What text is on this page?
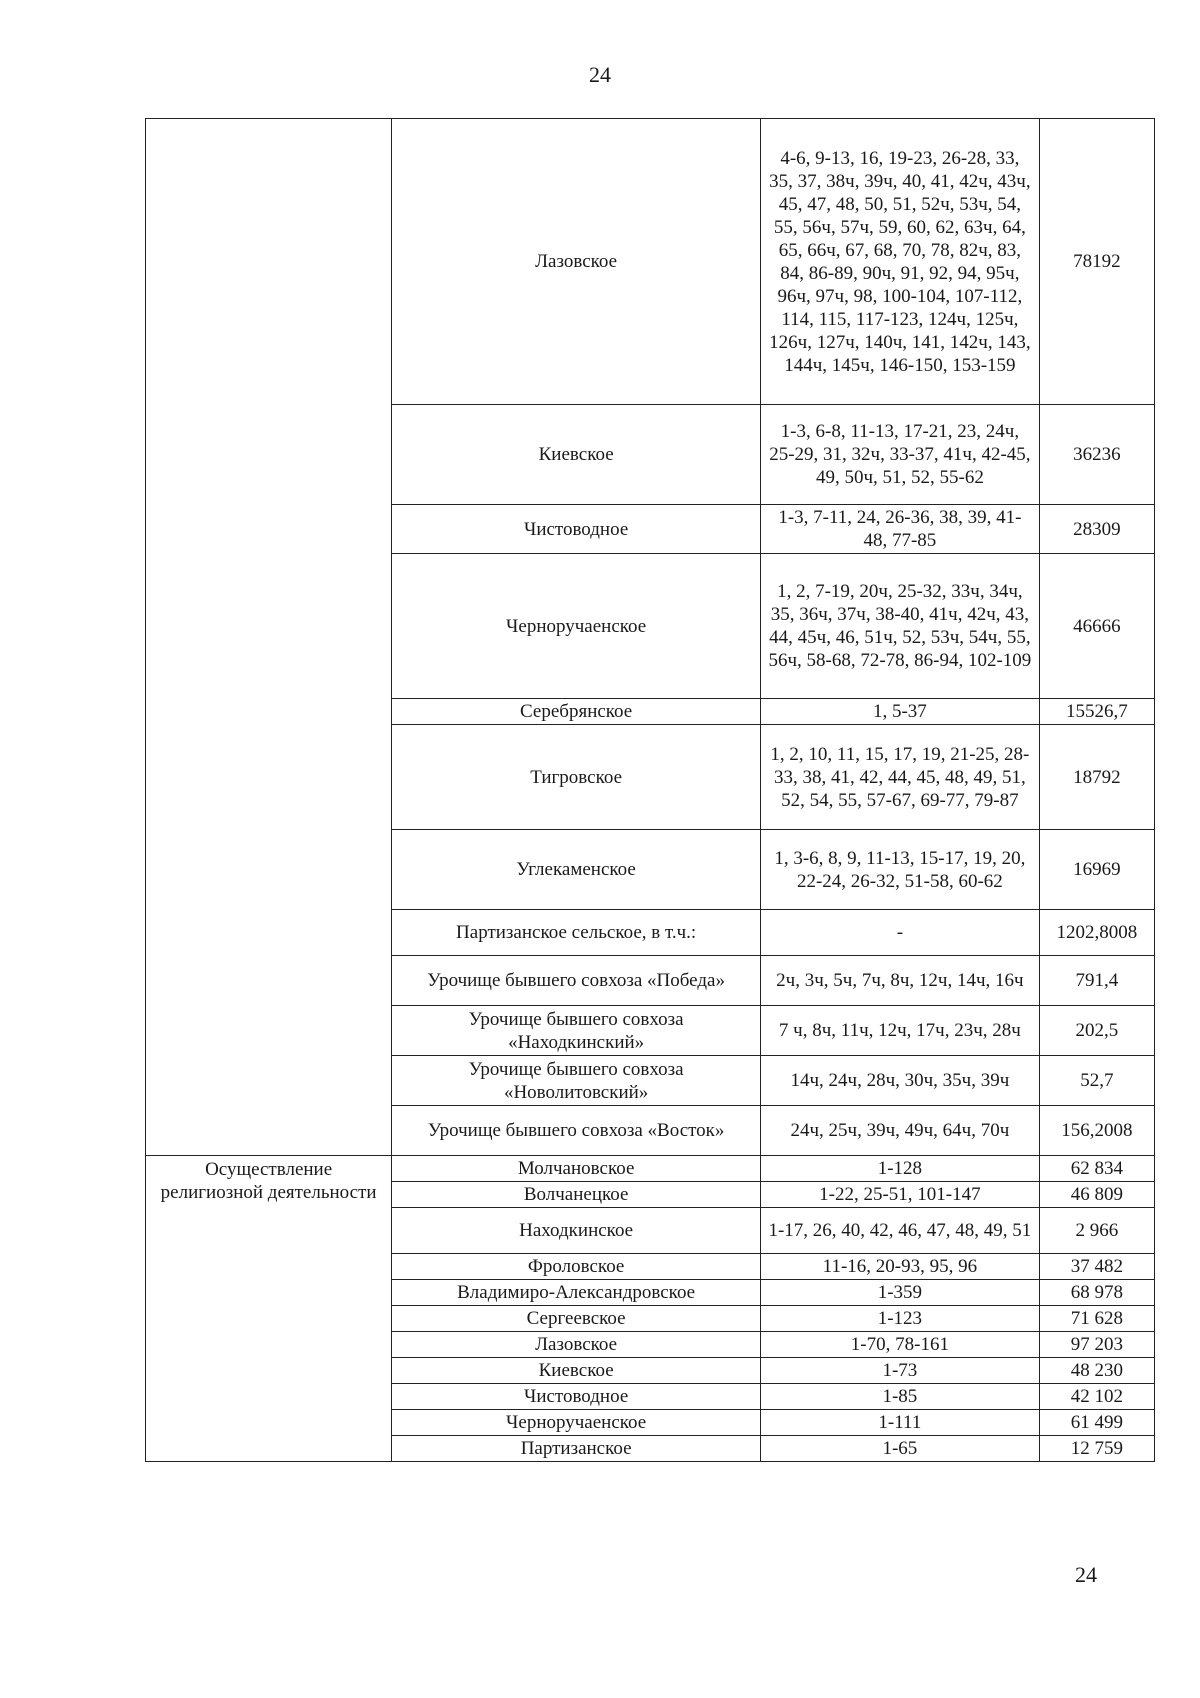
24
	Лазовское	4-6, 9-13, 16, 19-23, 26-28, 33, 35, 37, 38ч, 39ч, 40, 41, 42ч, 43ч, 45, 47, 48, 50, 51, 52ч, 53ч, 54, 55, 56ч, 57ч, 59, 60, 62, 63ч, 64, 65, 66ч, 67, 68, 70, 78, 82ч, 83, 84, 86-89, 90ч, 91, 92, 94, 95ч, 96ч, 97ч, 98, 100-104, 107-112, 114, 115, 117-123, 124ч, 125ч, 126ч, 127ч, 140ч, 141, 142ч, 143, 144ч, 145ч, 146-150, 153-159	78192
	Киевское	1-3, 6-8, 11-13, 17-21, 23, 24ч, 25-29, 31, 32ч, 33-37, 41ч, 42-45, 49, 50ч, 51, 52, 55-62	36236
	Чистоводное	1-3, 7-11, 24, 26-36, 38, 39, 41-48, 77-85	28309
	Черноручаенское	1, 2, 7-19, 20ч, 25-32, 33ч, 34ч, 35, 36ч, 37ч, 38-40, 41ч, 42ч, 43, 44, 45ч, 46, 51ч, 52, 53ч, 54ч, 55, 56ч, 58-68, 72-78, 86-94, 102-109	46666
	Серебрянское	1, 5-37	15526,7
	Тигровское	1, 2, 10, 11, 15, 17, 19, 21-25, 28-33, 38, 41, 42, 44, 45, 48, 49, 51, 52, 54, 55, 57-67, 69-77, 79-87	18792
	Углекаменское	1, 3-6, 8, 9, 11-13, 15-17, 19, 20, 22-24, 26-32, 51-58, 60-62	16969
	Партизанское сельское, в т.ч.:	-	1202,8008
	Урочище бывшего совхоза «Победа»	2ч, 3ч, 5ч, 7ч, 8ч, 12ч, 14ч, 16ч	791,4
	Урочище бывшего совхоза «Находкинский»	7 ч, 8ч, 11ч, 12ч, 17ч, 23ч, 28ч	202,5
	Урочище бывшего совхоза «Новолитовский»	14ч, 24ч, 28ч, 30ч, 35ч, 39ч	52,7
	Урочище бывшего совхоза «Восток»	24ч, 25ч, 39ч, 49ч, 64ч, 70ч	156,2008
Осуществление религиозной деятельности	Молчановское	1-128	62 834
	Волчанецкое	1-22, 25-51, 101-147	46 809
	Находкинское	1-17, 26, 40, 42, 46, 47, 48, 49, 51	2 966
	Фроловское	11-16, 20-93, 95, 96	37 482
	Владимиро-Александровское	1-359	68 978
	Сергеевское	1-123	71 628
	Лазовское	1-70, 78-161	97 203
	Киевское	1-73	48 230
	Чистоводное	1-85	42 102
	Черноручаенское	1-111	61 499
	Партизанское	1-65	12 759
24
